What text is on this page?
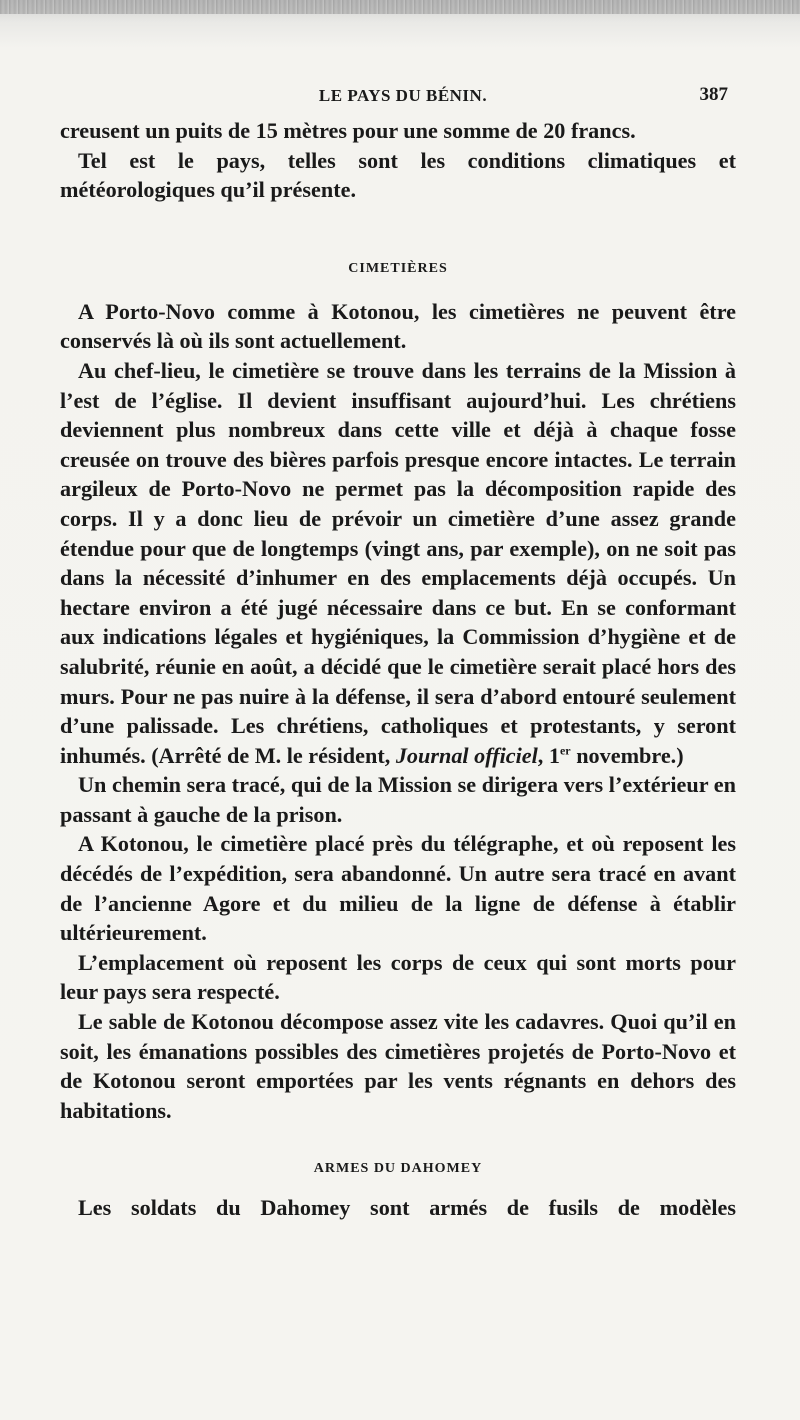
LE PAYS DU BÉNIN.	387

creusent un puits de 15 mètres pour une somme de 20 francs.

Tel est le pays, telles sont les conditions climatiques et météorologiques qu’il présente.

CIMETIÈRES

A Porto-Novo comme à Kotonou, les cimetières ne peuvent être conservés là où ils sont actuellement.

Au chef-lieu, le cimetière se trouve dans les terrains de la Mission à l’est de l’église. Il devient insuffisant aujourd’hui. Les chrétiens deviennent plus nombreux dans cette ville et déjà à chaque fosse creusée on trouve des bières parfois presque encore intactes. Le terrain argileux de Porto-Novo ne permet pas la décomposition rapide des corps. Il y a donc lieu de prévoir un cimetière d’une assez grande étendue pour que de longtemps (vingt ans, par exemple), on ne soit pas dans la nécessité d’inhumer en des emplacements déjà occupés. Un hectare environ a été jugé nécessaire dans ce but. En se conformant aux indications légales et hygiéniques, la Commission d’hygiène et de salubrité, réunie en août, a décidé que le cimetière serait placé hors des murs. Pour ne pas nuire à la défense, il sera d’abord entouré seulement d’une palissade. Les chrétiens, catholiques et protestants, y seront inhumés. (Arrêté de M. le résident, Journal officiel, 1er novembre.)

Un chemin sera tracé, qui de la Mission se dirigera vers l’extérieur en passant à gauche de la prison.

A Kotonou, le cimetière placé près du télégraphe, et où reposent les décédés de l’expédition, sera abandonné. Un autre sera tracé en avant de l’ancienne Agore et du milieu de la ligne de défense à établir ultérieurement.

L’emplacement où reposent les corps de ceux qui sont morts pour leur pays sera respecté.

Le sable de Kotonou décompose assez vite les cadavres. Quoi qu’il en soit, les émanations possibles des cimetières projetés de Porto-Novo et de Kotonou seront emportées par les vents régnants en dehors des habitations.

ARMES DU DAHOMEY

Les soldats du Dahomey sont armés de fusils de modèles
